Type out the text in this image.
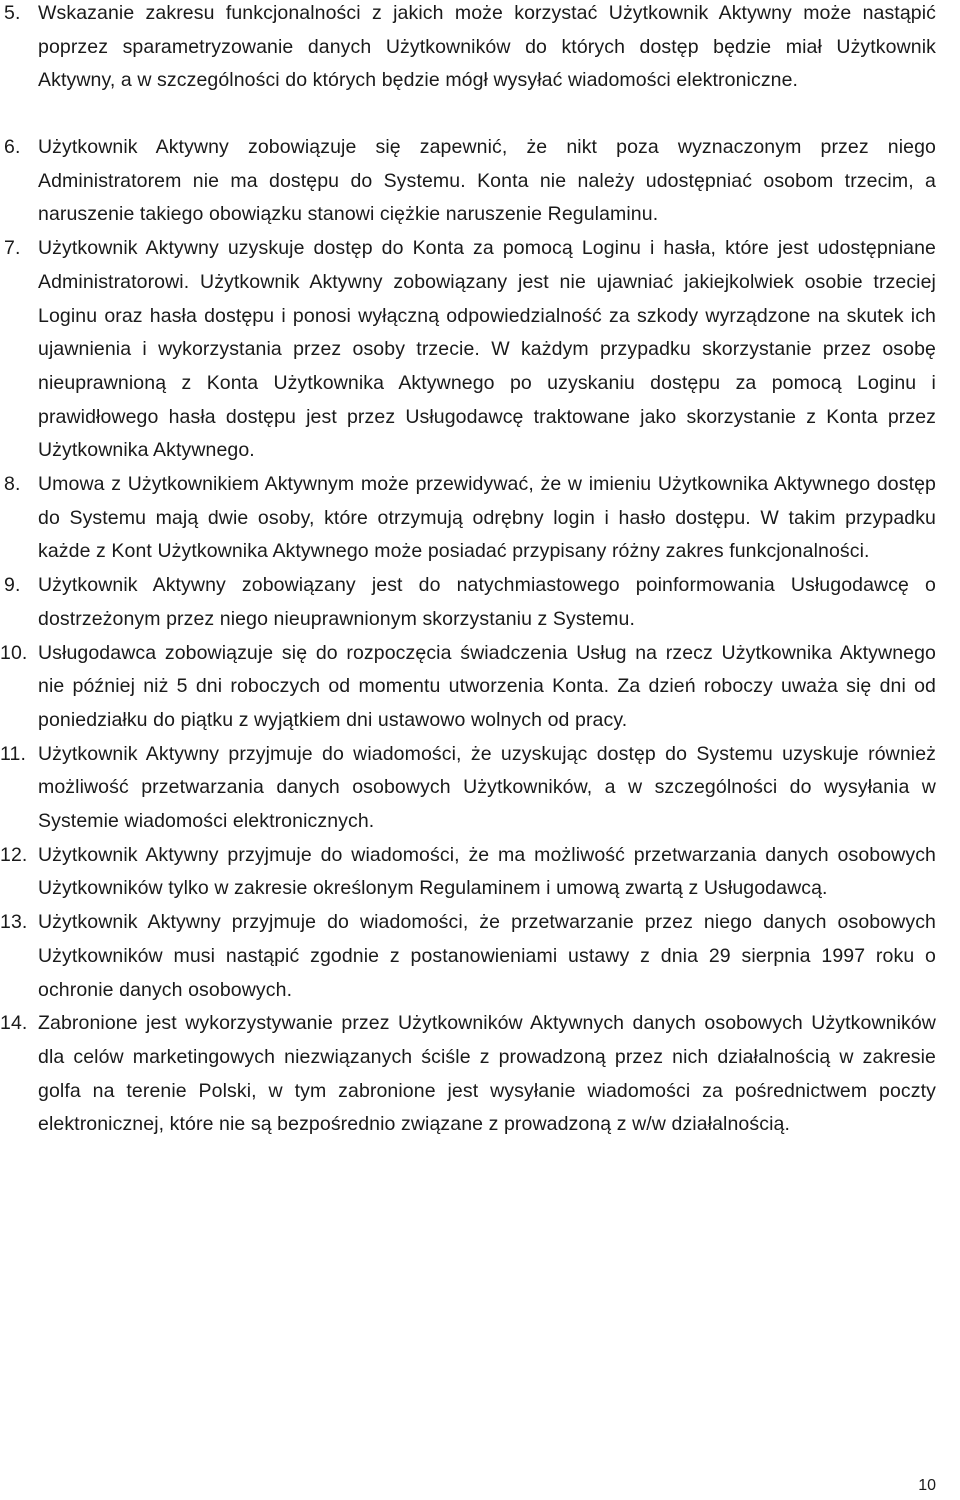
5. Wskazanie zakresu funkcjonalności z jakich może korzystać Użytkownik Aktywny może nastąpić poprzez sparametryzowanie danych Użytkowników do których dostęp będzie miał Użytkownik Aktywny, a w szczególności do których będzie mógł wysyłać wiadomości elektroniczne.
6. Użytkownik Aktywny zobowiązuje się zapewnić, że nikt poza wyznaczonym przez niego Administratorem nie ma dostępu do Systemu. Konta nie należy udostępniać osobom trzecim, a naruszenie takiego obowiązku stanowi ciężkie naruszenie Regulaminu.
7. Użytkownik Aktywny uzyskuje dostęp do Konta za pomocą Loginu i hasła, które jest udostępniane Administratorowi. Użytkownik Aktywny zobowiązany jest nie ujawniać jakiejkolwiek osobie trzeciej Loginu oraz hasła dostępu i ponosi wyłączną odpowiedzialność za szkody wyrządzone na skutek ich ujawnienia i wykorzystania przez osoby trzecie. W każdym przypadku skorzystanie przez osobę nieuprawnioną z Konta Użytkownika Aktywnego po uzyskaniu dostępu za pomocą Loginu i prawidłowego hasła dostępu jest przez Usługodawcę traktowane jako skorzystanie z Konta przez Użytkownika Aktywnego.
8. Umowa z Użytkownikiem Aktywnym może przewidywać, że w imieniu Użytkownika Aktywnego dostęp do Systemu mają dwie osoby, które otrzymują odrębny login i hasło dostępu. W takim przypadku każde z Kont Użytkownika Aktywnego może posiadać przypisany różny zakres funkcjonalności.
9. Użytkownik Aktywny zobowiązany jest do natychmiastowego poinformowania Usługodawcę o dostrzeżonym przez niego nieuprawnionym skorzystaniu z Systemu.
10. Usługodawca zobowiązuje się do rozpoczęcia świadczenia Usług na rzecz Użytkownika Aktywnego nie później niż 5 dni roboczych od momentu utworzenia Konta. Za dzień roboczy uważa się dni od poniedziałku do piątku z wyjątkiem dni ustawowo wolnych od pracy.
11. Użytkownik Aktywny przyjmuje do wiadomości, że uzyskując dostęp do Systemu uzyskuje również możliwość przetwarzania danych osobowych Użytkowników, a w szczególności do wysyłania w Systemie wiadomości elektronicznych.
12. Użytkownik Aktywny przyjmuje do wiadomości, że ma możliwość przetwarzania danych osobowych Użytkowników tylko w zakresie określonym Regulaminem i umową zwartą z Usługodawcą.
13. Użytkownik Aktywny przyjmuje do wiadomości, że przetwarzanie przez niego danych osobowych Użytkowników musi nastąpić zgodnie z postanowieniami ustawy z dnia 29 sierpnia 1997 roku o ochronie danych osobowych.
14. Zabronione jest wykorzystywanie przez Użytkowników Aktywnych danych osobowych Użytkowników dla celów marketingowych niezwiązanych ściśle z prowadzoną przez nich działalnością w zakresie golfa na terenie Polski, w tym zabronione jest wysyłanie wiadomości za pośrednictwem poczty elektronicznej, które nie są bezpośrednio związane z prowadzoną z w/w działalnością.
10
